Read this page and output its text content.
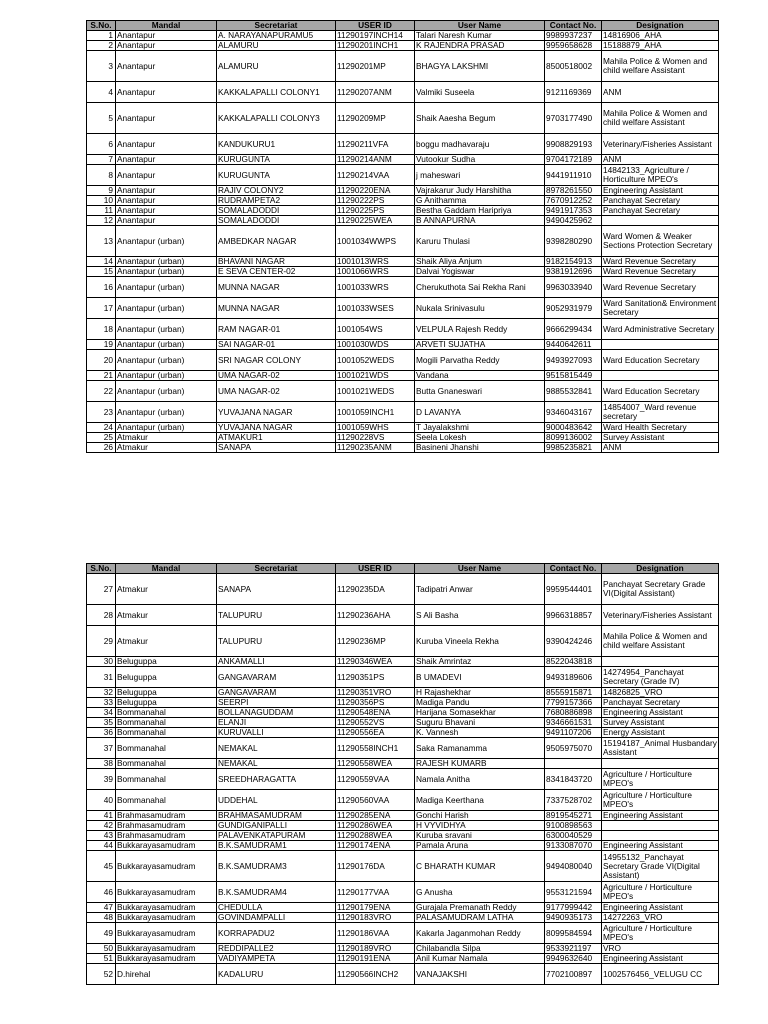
S.No.	Mandal	Secretariat	USER ID	User Name	Contact No.	Designation
1	Anantapur	A. NARAYANAPURAMU5	11290197INCH14	Talari Naresh Kumar	9989937237	14816906_AHA
2	Anantapur	ALAMURU	11290201INCH1	K RAJENDRA PRASAD	9959658628	15188879_AHA
3	Anantapur	ALAMURU	11290201MP	BHAGYA LAKSHMI	8500518002	Mahila Police & Women and child welfare Assistant
4	Anantapur	KAKKALAPALLI COLONY1	11290207ANM	Valmiki Suseela	9121169369	ANM
5	Anantapur	KAKKALAPALLI COLONY3	11290209MP	Shaik Aaesha Begum	9703177490	Mahila Police & Women and child welfare Assistant
6	Anantapur	KANDUKURU1	11290211VFA	boggu madhavaraju	9908829193	Veterinary/Fisheries Assistant
7	Anantapur	KURUGUNTA	11290214ANM	Vutookur Sudha	9704172189	ANM
8	Anantapur	KURUGUNTA	11290214VAA	j maheswari	9441911910	14842133_Agriculture / Horticulture MPEO's
9	Anantapur	RAJIV COLONY2	11290220ENA	Vajrakarur Judy Harshitha	8978261550	Engineering Assistant
10	Anantapur	RUDRAMPETA2	11290222PS	G Anithamma	7670912252	Panchayat Secretary
11	Anantapur	SOMALADODDI	11290225PS	Bestha Gaddam Haripriya	9491917353	Panchayat Secretary
12	Anantapur	SOMALADODDI	11290225WEA	B ANNAPURNA	9490425962	
13	Anantapur (urban)	AMBEDKAR NAGAR	1001034WWPS	Karuru Thulasi	9398280290	Ward Women & Weaker Sections Protection Secretary
14	Anantapur (urban)	BHAVANI NAGAR	1001013WRS	Shaik Aliya Anjum	9182154913	Ward Revenue Secretary
15	Anantapur (urban)	E SEVA CENTER-02	1001066WRS	Dalvai Yogiswar	9381912696	Ward Revenue Secretary
16	Anantapur (urban)	MUNNA NAGAR	1001033WRS	Cherukuthota Sai Rekha Rani	9963033940	Ward Revenue Secretary
17	Anantapur (urban)	MUNNA NAGAR	1001033WSES	Nukala Srinivasulu	9052931979	Ward Sanitation& Environment Secretary
18	Anantapur (urban)	RAM NAGAR-01	1001054WS	VELPULA Rajesh Reddy	9666299434	Ward Administrative Secretary
19	Anantapur (urban)	SAI NAGAR-01	1001030WDS	ARVETI SUJATHA	9440642611	
20	Anantapur (urban)	SRI NAGAR COLONY	1001052WEDS	Mogili Parvatha Reddy	9493927093	Ward Education Secretary
21	Anantapur (urban)	UMA NAGAR-02	1001021WDS	Vandana	9515815449	
22	Anantapur (urban)	UMA NAGAR-02	1001021WEDS	Butta Gnaneswari	9885532841	Ward Education Secretary
23	Anantapur (urban)	YUVAJANA NAGAR	1001059INCH1	D LAVANYA	9346043167	14854007_Ward revenue secretary
24	Anantapur (urban)	YUVAJANA NAGAR	1001059WHS	T Jayalakshmi	9000483642	Ward Health Secretary
25	Atmakur	ATMAKUR1	11290228VS	Seela Lokesh	8099136002	Survey Assistant
26	Atmakur	SANAPA	11290235ANM	Basineni Jhanshi	9985235821	ANM
S.No.	Mandal	Secretariat	USER ID	User Name	Contact No.	Designation
27	Atmakur	SANAPA	11290235DA	Tadipatri Anwar	9959544401	Panchayat Secretary Grade VI(Digital Assistant)
28	Atmakur	TALUPURU	11290236AHA	S Ali Basha	9966318857	Veterinary/Fisheries Assistant
29	Atmakur	TALUPURU	11290236MP	Kuruba Vineela Rekha	9390424246	Mahila Police & Women and child welfare Assistant
30	Beluguppa	ANKAMALLI	11290346WEA	Shaik Amrintaz	8522043818	
31	Beluguppa	GANGAVARAM	11290351PS	B UMADEVI	9493189606	14274954_Panchayat Secretary (Grade IV)
32	Beluguppa	GANGAVARAM	11290351VRO	H Rajashekhar	8555915871	14826825_VRO
33	Beluguppa	SEERPI	11290356PS	Madiga Pandu	7799157366	Panchayat Secretary
34	Bommanahal	BOLLANAGUDDAM	11290548ENA	Harijana Somasekhar	7680886898	Engineering Assistant
35	Bommanahal	ELANJI	11290552VS	Suguru Bhavani	9346661531	Survey Assistant
36	Bommanahal	KURUVALLI	11290556EA	K. Vannesh	9491107206	Energy Assistant
37	Bommanahal	NEMAKAL	11290558INCH1	Saka Ramanamma	9505975070	15194187_Animal Husbandary Assistant
38	Bommanahal	NEMAKAL	11290558WEA	RAJESH KUMARB		
39	Bommanahal	SREEDHARAGATTA	11290559VAA	Namala Anitha	8341843720	Agriculture / Horticulture MPEO's
40	Bommanahal	UDDEHAL	11290560VAA	Madiga Keerthana	7337528702	Agriculture / Horticulture MPEO's
41	Brahmasamudram	BRAHMASAMUDRAM	11290285ENA	Gonchi Harish	8919545271	Engineering Assistant
42	Brahmasamudram	GUNDIGANIPALLI	11290286WEA	H VYVIDHYA	9100898563	
43	Brahmasamudram	PALAVENKATAPURAM	11290288WEA	Kuruba sravani	6300040529	
44	Bukkarayasamudram	B.K.SAMUDRAM1	11290174ENA	Pamala Aruna	9133087070	Engineering Assistant
45	Bukkarayasamudram	B.K.SAMUDRAM3	11290176DA	C BHARATH KUMAR	9494080040	14955132_Panchayat Secretary Grade VI(Digital Assistant)
46	Bukkarayasamudram	B.K.SAMUDRAM4	11290177VAA	G Anusha	9553121594	Agriculture / Horticulture MPEO's
47	Bukkarayasamudram	CHEDULLA	11290179ENA	Gurajala Premanath Reddy	9177999442	Engineering Assistant
48	Bukkarayasamudram	GOVINDAMPALLI	11290183VRO	PALASAMUDRAM LATHA	9490935173	14272263_VRO
49	Bukkarayasamudram	KORRAPADU2	11290186VAA	Kakarla Jaganmohan Reddy	8099584594	Agriculture / Horticulture MPEO's
50	Bukkarayasamudram	REDDIPALLE2	11290189VRO	Chilabandla Silpa	9533921197	VRO
51	Bukkarayasamudram	VADIYAMPETA	11290191ENA	Anil Kumar Namala	9949632640	Engineering Assistant
52	D.hirehal	KADALURU	11290566INCH2	VANAJAKSHI	7702100897	1002576456_VELUGU CC
